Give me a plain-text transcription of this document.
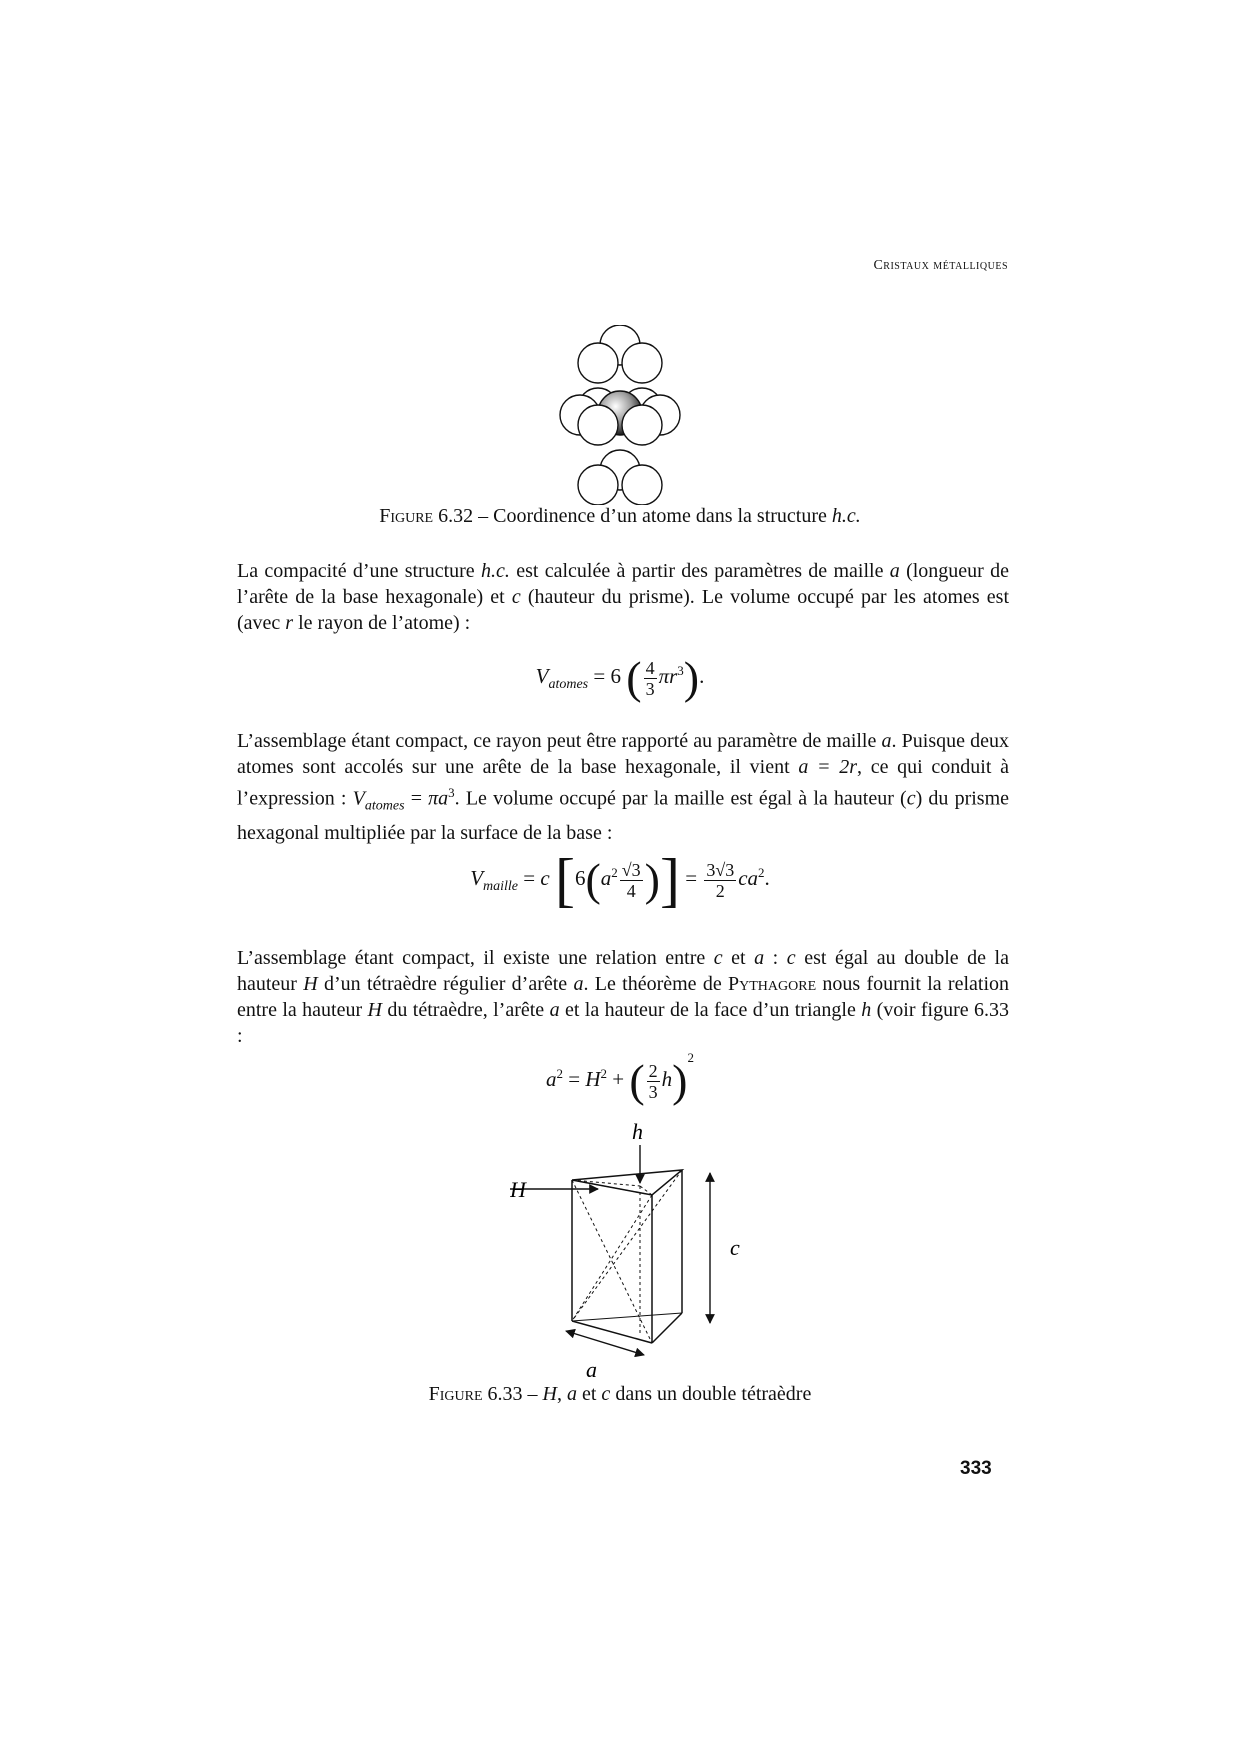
Cristaux métalliques
Figure 6.32 – Coordinence d’un atome dans la structure h.c.

La compacité d’une structure h.c. est calculée à partir des paramètres de maille a (longueur de l’arête de la base hexagonale) et c (hauteur du prisme). Le volume occupé par les atomes est (avec r le rayon de l’atome) :

$V_{atomes} = 6$ ( $\frac{4}{3} \pi r^3$).

L’assemblage étant compact, ce rayon peut être rapporté au paramètre de maille a. Puisque deux atomes sont accolés sur une arête de la base hexagonale, il vient a = 2r, ce qui conduit à l’expression : $V_{atomes} = \pi a^3$. Le volume occupé par la maille est égal à la hauteur (c) du prisme hexagonal multipliée par la surface de la base :

$V_{maille} = c$ [$6(a^2 \frac{√3}{4}$ )] = $\frac{3√3}{2} ca^2$.

L’assemblage étant compact, il existe une relation entre c et a : c est égal au double de la hauteur H d’un tétraèdre régulier d’arête a. Le théorème de Pythagore nous fournit la relation entre la hauteur H du tétraèdre, l’arête a et la hauteur de la face d’un triangle h (voir figure 6.33 :

$a^2 = H^2$ + ( $\frac{2}{3} h)^2$
h
H
c
a
Figure 6.33 – H, a et c dans un double tétraèdre
333
